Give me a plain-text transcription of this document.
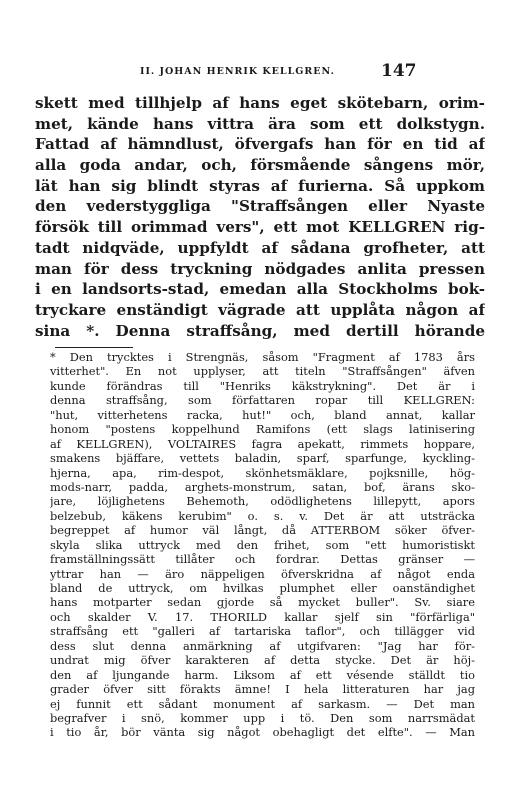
II. JOHAN HENRIK KELLGREN.	147
skett med tillhjelp af hans eget skötebarn, orim-
met, kände hans vittra ära som ett dolkstygn.
Fattad af hämndlust, öfvergafs han för en tid af
alla goda andar, och, försmående sångens mör,
lät han sig blindt styras af furierna. Så uppkom
den vederstyggliga "Straffsången eller Nyaste
försök till orimmad vers", ett mot KELLGREN rig-
tadt nidqväde, uppfyldt af sådana grofheter, att
man för dess tryckning nödgades anlita pressen
i en landsorts-stad, emedan alla Stockholms bok-
tryckare enständigt vägrade att upplåta någon af
sina *. Denna straffsång, med dertill hörande
* Den trycktes i Strengnäs, såsom "Fragment af 1783 års
vitterhet". En not upplyser, att titeln "Straffsången" äfven
kunde förändras till "Henriks käkstrykning". Det är i
denna straffsång, som författaren ropar till KELLGREN:
"hut, vitterhetens racka, hut!" och, bland annat, kallar
honom "postens koppelhund Ramifons (ett slags latinisering
af KELLGREN), VOLTAIRES fagra apekatt, rimmets hoppare,
smakens bjäffare, vettets baladin, sparf, sparfunge, kyckling-
hjerna, apa, rim-despot, skönhetsmäklare, pojksnille, hög-
mods-narr, padda, arghets-monstrum, satan, bof, ärans sko-
jare, löjlighetens Behemoth, odödlighetens lillepytt, apors
belzebub, käkens kerubim" o. s. v. Det är att utsträcka
begreppet af humor väl långt, då ATTERBOM söker öfver-
skyla slika uttryck med den frihet, som "ett humoristiskt
framställningssätt tillåter och fordrar. Dettas gränser —
yttrar han — äro näppeligen öfverskridna af något enda
bland de uttryck, om hvilkas plumphet eller oanständighet
hans motparter sedan gjorde så mycket buller". Sv. siare
och skalder V. 17. THORILD kallar sjelf sin "förfärliga"
straffsång ett "galleri af tartariska taflor", och tillägger vid
dess slut denna anmärkning af utgifvaren: "Jag har för-
undrat mig öfver karakteren af detta stycke. Det är höj-
den af ljungande harm. Liksom af ett vésende ställdt tio
grader öfver sitt förakts ämne! I hela litteraturen har jag
ej funnit ett sådant monument af sarkasm. — Det man
begrafver i snö, kommer upp i tö. Den som narrsmädat
i tio år, bör vänta sig något obehagligt det elfte". — Man
